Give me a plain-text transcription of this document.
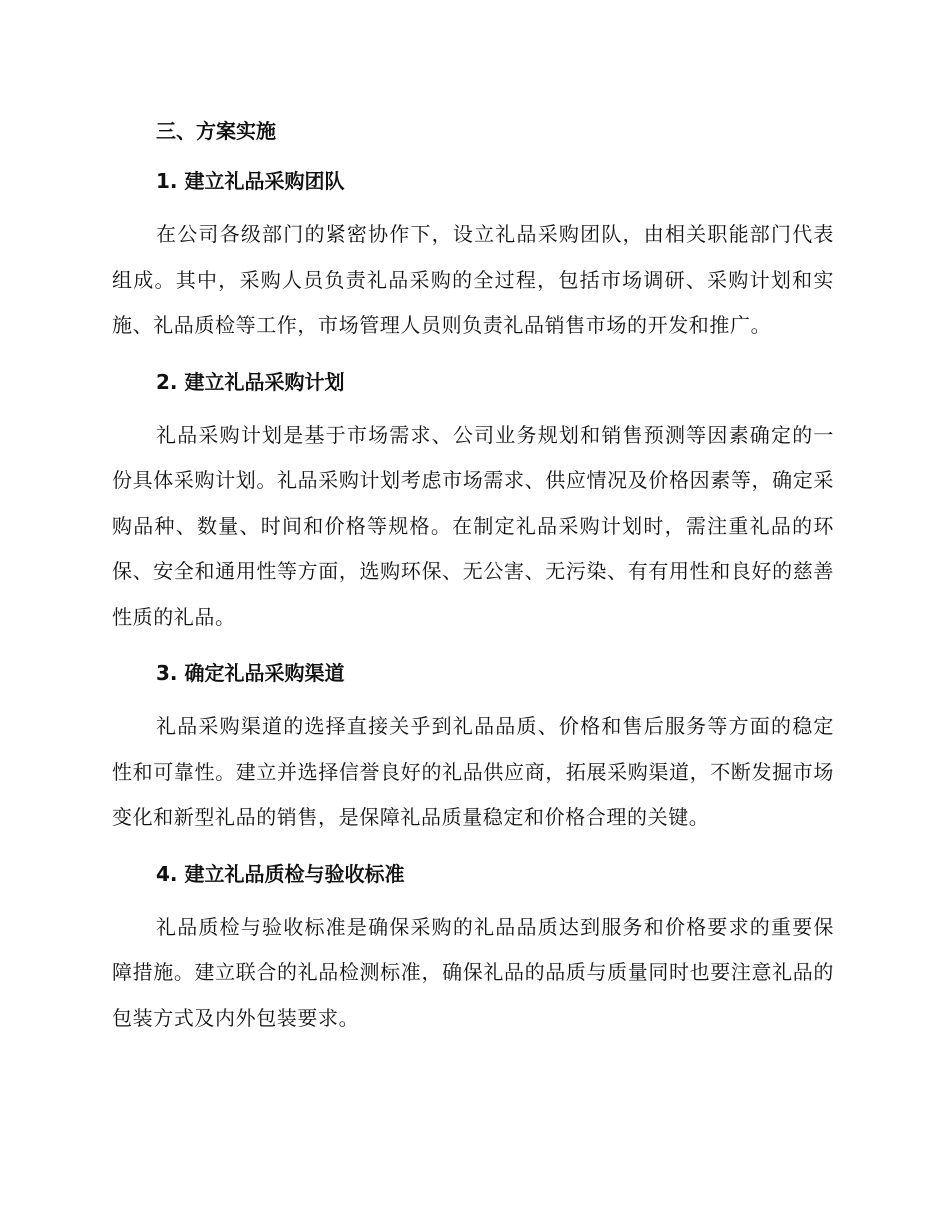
三、方案实施
1. 建立礼品采购团队

在公司各级部门的紧密协作下，设立礼品采购团队，由相关职能部门代表组成。其中，采购人员负责礼品采购的全过程，包括市场调研、采购计划和实施、礼品质检等工作，市场管理人员则负责礼品销售市场的开发和推广。

2. 建立礼品采购计划

礼品采购计划是基于市场需求、公司业务规划和销售预测等因素确定的一份具体采购计划。礼品采购计划考虑市场需求、供应情况及价格因素等，确定采购品种、数量、时间和价格等规格。在制定礼品采购计划时，需注重礼品的环保、安全和通用性等方面，选购环保、无公害、无污染、有有用性和良好的慈善性质的礼品。

3. 确定礼品采购渠道

礼品采购渠道的选择直接关乎到礼品品质、价格和售后服务等方面的稳定性和可靠性。建立并选择信誉良好的礼品供应商，拓展采购渠道，不断发掘市场变化和新型礼品的销售，是保障礼品质量稳定和价格合理的关键。

4. 建立礼品质检与验收标准

礼品质检与验收标准是确保采购的礼品品质达到服务和价格要求的重要保障措施。建立联合的礼品检测标准，确保礼品的品质与质量同时也要注意礼品的包装方式及内外包装要求。
